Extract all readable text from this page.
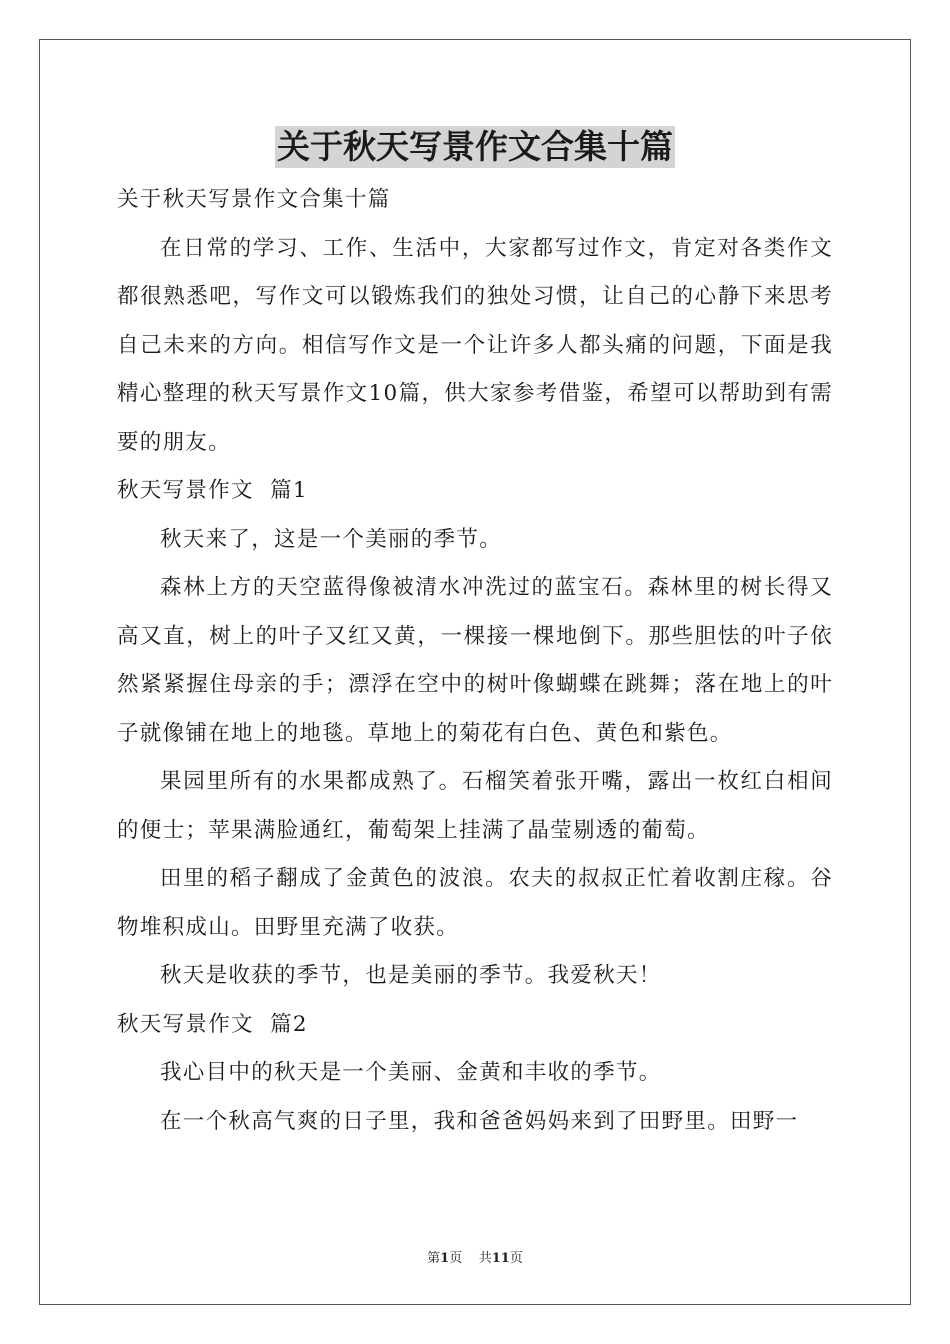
关于秋天写景作文合集十篇

关于秋天写景作文合集十篇

在日常的学习、工作、生活中，大家都写过作文，肯定对各类作文都很熟悉吧，写作文可以锻炼我们的独处习惯，让自己的心静下来思考自己未来的方向。相信写作文是一个让许多人都头痛的问题，下面是我精心整理的秋天写景作文10篇，供大家参考借鉴，希望可以帮助到有需要的朋友。

秋天写景作文  篇1

秋天来了，这是一个美丽的季节。

森林上方的天空蓝得像被清水冲洗过的蓝宝石。森林里的树长得又高又直，树上的叶子又红又黄，一棵接一棵地倒下。那些胆怯的叶子依然紧紧握住母亲的手；漂浮在空中的树叶像蝴蝶在跳舞；落在地上的叶子就像铺在地上的地毯。草地上的菊花有白色、黄色和紫色。

果园里所有的水果都成熟了。石榴笑着张开嘴，露出一枚红白相间的便士；苹果满脸通红，葡萄架上挂满了晶莹剔透的葡萄。

田里的稻子翻成了金黄色的波浪。农夫的叔叔正忙着收割庄稼。谷物堆积成山。田野里充满了收获。

秋天是收获的季节，也是美丽的季节。我爱秋天！

秋天写景作文  篇2

我心目中的秋天是一个美丽、金黄和丰收的季节。

在一个秋高气爽的日子里，我和爸爸妈妈来到了田野里。田野一

第1页 共11页
